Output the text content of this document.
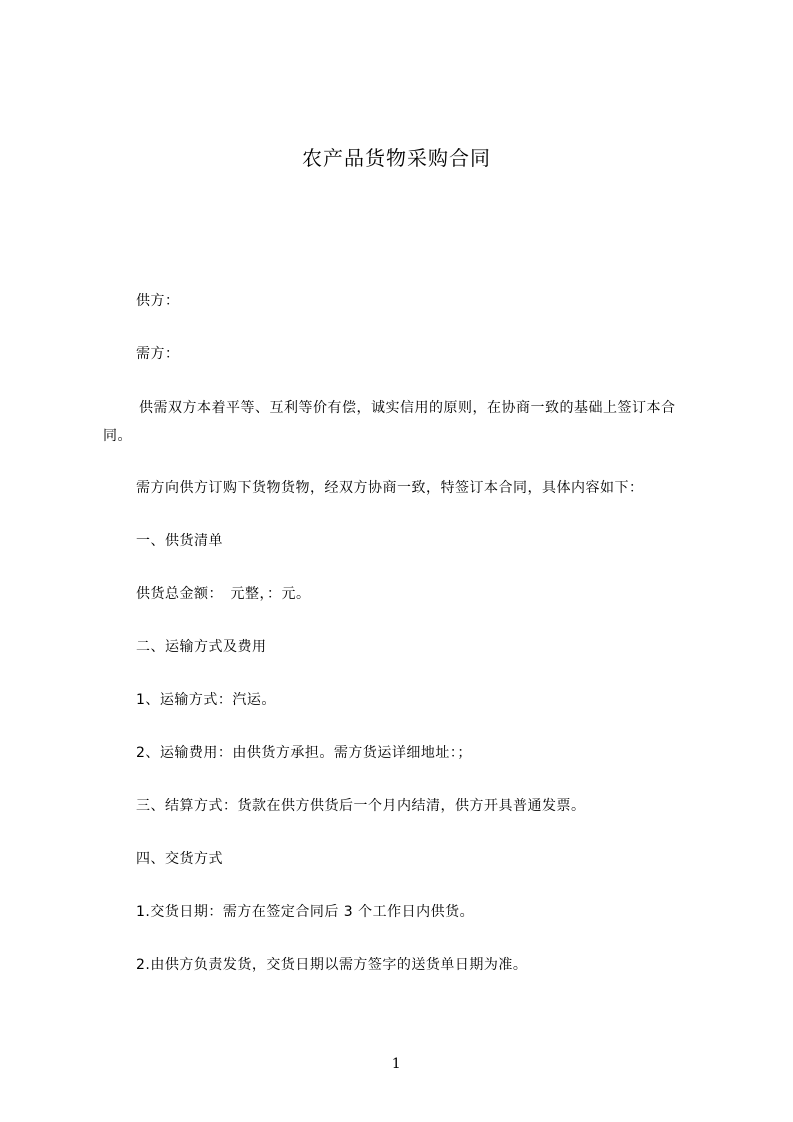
农产品货物采购合同

供方：

需方：

供需双方本着平等、互利等价有偿，诚实信用的原则，在协商一致的基础上签订本合同。

需方向供方订购下货物货物，经双方协商一致，特签订本合同，具体内容如下：

一、供货清单

供货总金额：　元整，：元。

二、运输方式及费用

1、运输方式：汽运。

2、运输费用：由供货方承担。需方货运详细地址：；

三、结算方式：货款在供方供货后一个月内结清，供方开具普通发票。

四、交货方式

1.交货日期：需方在签定合同后 3 个工作日内供货。

2.由供方负责发货，交货日期以需方签字的送货单日期为准。

1
